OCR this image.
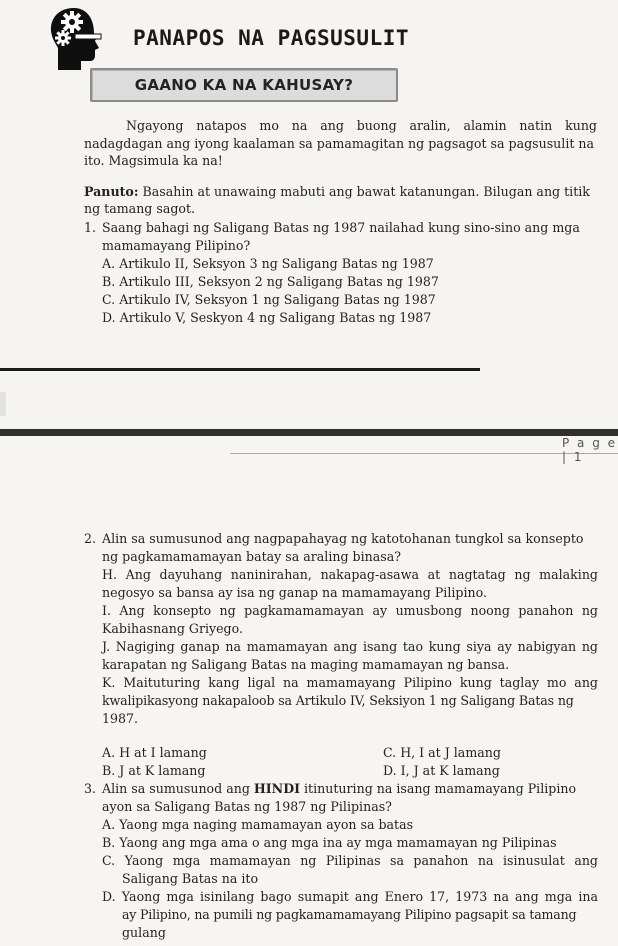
PANAPOS NA PAGSUSULIT
GAANO KA NA KAHUSAY?
Ngayong natapos mo na ang buong aralin, alamin natin kung
nadagdagan ang iyong kaalaman sa pamamagitan ng pagsagot sa pagsusulit na
ito. Magsimula ka na!
Panuto: Basahin at unawaing mabuti ang bawat katanungan. Bilugan ang titik
ng tamang sagot.
1. Saang bahagi ng Saligang Batas ng 1987 nailahad kung sino-sino ang mga
mamamayang Pilipino?
A. Artikulo II, Seksyon 3 ng Saligang Batas ng 1987
B. Artikulo III, Seksyon 2 ng Saligang Batas ng 1987
C. Artikulo IV, Seksyon 1 ng Saligang Batas ng 1987
D. Artikulo V, Seskyon 4 ng Saligang Batas ng 1987
P a g e | 1
2. Alin sa sumusunod ang nagpapahayag ng katotohanan tungkol sa konsepto
ng pagkamamamayan batay sa araling binasa?
H. Ang dayuhang naninirahan, nakapag-asawa at nagtatag ng malaking
negosyo sa bansa ay isa ng ganap na mamamayang Pilipino.
I. Ang konsepto ng pagkamamamayan ay umusbong noong panahon ng
Kabihasnang Griyego.
J. Nagiging ganap na mamamayan ang isang tao kung siya ay nabigyan ng
karapatan ng Saligang Batas na maging mamamayan ng bansa.
K. Maituturing kang ligal na mamamayang Pilipino kung taglay mo ang
kwalipikasyong nakapaloob sa Artikulo IV, Seksiyon 1 ng Saligang Batas ng
1987.
A. H at I lamang	C. H, I at J lamang
B. J at K lamang	D. I, J at K lamang
3. Alin sa sumusunod ang HINDI itinuturing na isang mamamayang Pilipino
ayon sa Saligang Batas ng 1987 ng Pilipinas?
A. Yaong mga naging mamamayan ayon sa batas
B. Yaong ang mga ama o ang mga ina ay mga mamamayan ng Pilipinas
C. Yaong mga mamamayan ng Pilipinas sa panahon na isinusulat ang
Saligang Batas na ito
D. Yaong mga isinilang bago sumapit ang Enero 17, 1973 na ang mga ina
ay Pilipino, na pumili ng pagkamamamayang Pilipino pagsapit sa tamang
gulang
